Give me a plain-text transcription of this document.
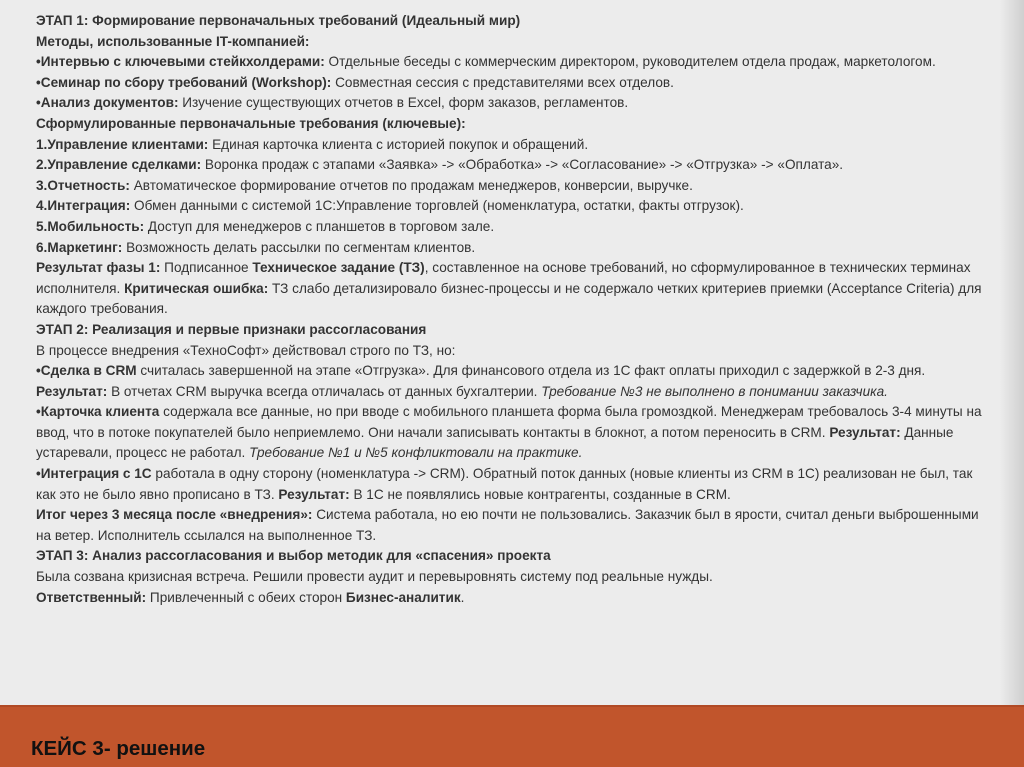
ЭТАП 1: Формирование первоначальных требований (Идеальный мир)

Методы, использованные IT-компанией:

•Интервью с ключевыми стейкхолдерами: Отдельные беседы с коммерческим директором, руководителем отдела продаж, маркетологом.

•Семинар по сбору требований (Workshop): Совместная сессия с представителями всех отделов.

•Анализ документов: Изучение существующих отчетов в Excel, форм заказов, регламентов.

Сформулированные первоначальные требования (ключевые):

1.Управление клиентами: Единая карточка клиента с историей покупок и обращений.

2.Управление сделками: Воронка продаж с этапами «Заявка» -> «Обработка» -> «Согласование» -> «Отгрузка» -> «Оплата».

3.Отчетность: Автоматическое формирование отчетов по продажам менеджеров, конверсии, выручке.

4.Интеграция: Обмен данными с системой 1С:Управление торговлей (номенклатура, остатки, факты отгрузок).

5.Мобильность: Доступ для менеджеров с планшетов в торговом зале.

6.Маркетинг: Возможность делать рассылки по сегментам клиентов.

Результат фазы 1: Подписанное Техническое задание (ТЗ), составленное на основе требований, но сформулированное в технических терминах исполнителя. Критическая ошибка: ТЗ слабо детализировало бизнес-процессы и не содержало четких критериев приемки (Acceptance Criteria) для каждого требования.

ЭТАП 2: Реализация и первые признаки рассогласования

В процессе внедрения «ТехноСофт» действовал строго по ТЗ, но:

•Сделка в CRM считалась завершенной на этапе «Отгрузка». Для финансового отдела из 1С факт оплаты приходил с задержкой в 2-3 дня. Результат: В отчетах CRM выручка всегда отличалась от данных бухгалтерии. Требование №3 не выполнено в понимании заказчика.

•Карточка клиента содержала все данные, но при вводе с мобильного планшета форма была громоздкой. Менеджерам требовалось 3-4 минуты на ввод, что в потоке покупателей было неприемлемо. Они начали записывать контакты в блокнот, а потом переносить в CRM. Результат: Данные устаревали, процесс не работал. Требование №1 и №5 конфликтовали на практике.

•Интеграция с 1С работала в одну сторону (номенклатура -> CRM). Обратный поток данных (новые клиенты из CRM в 1С) реализован не был, так как это не было явно прописано в ТЗ. Результат: В 1С не появлялись новые контрагенты, созданные в CRM.

Итог через 3 месяца после «внедрения»: Система работала, но ею почти не пользовались. Заказчик был в ярости, считал деньги выброшенными на ветер. Исполнитель ссылался на выполненное ТЗ.

ЭТАП 3: Анализ рассогласования и выбор методик для «спасения» проекта

Была созвана кризисная встреча. Решили провести аудит и перевыровнять систему под реальные нужды.

Ответственный: Привлеченный с обеих сторон Бизнес-аналитик.

КЕЙС 3- решение
